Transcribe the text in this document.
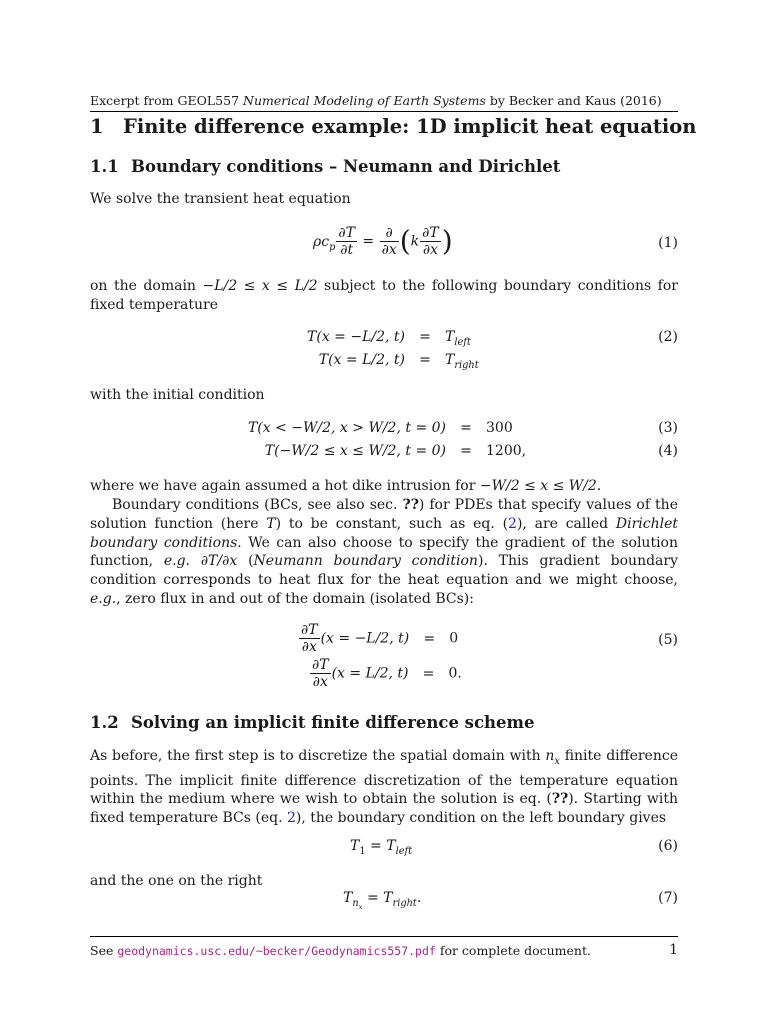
Excerpt from GEOL557 Numerical Modeling of Earth Systems by Becker and Kaus (2016)
1 Finite difference example: 1D implicit heat equation
1.1 Boundary conditions – Neumann and Dirichlet
We solve the transient heat equation
$\rho c_p \frac{\partial T}{\partial t} = \frac{\partial}{\partial x} (k \frac{\partial T}{\partial x}$ )	(1)
on the domain −L/2 ≤ x ≤ L/2 subject to the following boundary conditions for fixed temperature
T(x = −L/2, $t) = T_{left}$	(2)
T(x = L/2, $t) = T_{right}$
with the initial condition
T(x < −W/2, x > W/2, t = 0) = 300	(3)
T(−W/2 ≤ x ≤ W/2, t = 0) = 1200,	(4)
where we have again assumed a hot dike intrusion for −W/2 ≤ x ≤ W/2.
Boundary conditions (BCs, see also sec. ??) for PDEs that specify values of the solution function (here T) to be constant, such as eq. (2), are called Dirichlet boundary conditions. We can also choose to specify the gradient of the solution function, e.g. ∂T/∂x (Neumann boundary condition). This gradient boundary condition corresponds to heat flux for the heat equation and we might choose, e.g., zero flux in and out of the domain (isolated BCs):
$\frac{\partial T}{\partial x} (x = -L/2$, t) = 0	(5)
$\frac{\partial T}{\partial x} (x = L/2$, t) = 0.
1.2 Solving an implicit finite difference scheme
As before, the first step is to discretize the spatial domain with $n_x$ finite difference points. The implicit finite difference discretization of the temperature equation within the medium where we wish to obtain the solution is eq. (??). Starting with fixed temperature BCs (eq. 2), the boundary condition on the left boundary gives
$T_1 = T_{left}$	(6)
and the one on the right
$T_{n_x} = T_{right}$.	(7)
See geodynamics.usc.edu/~becker/Geodynamics557.pdf for complete document.	1
